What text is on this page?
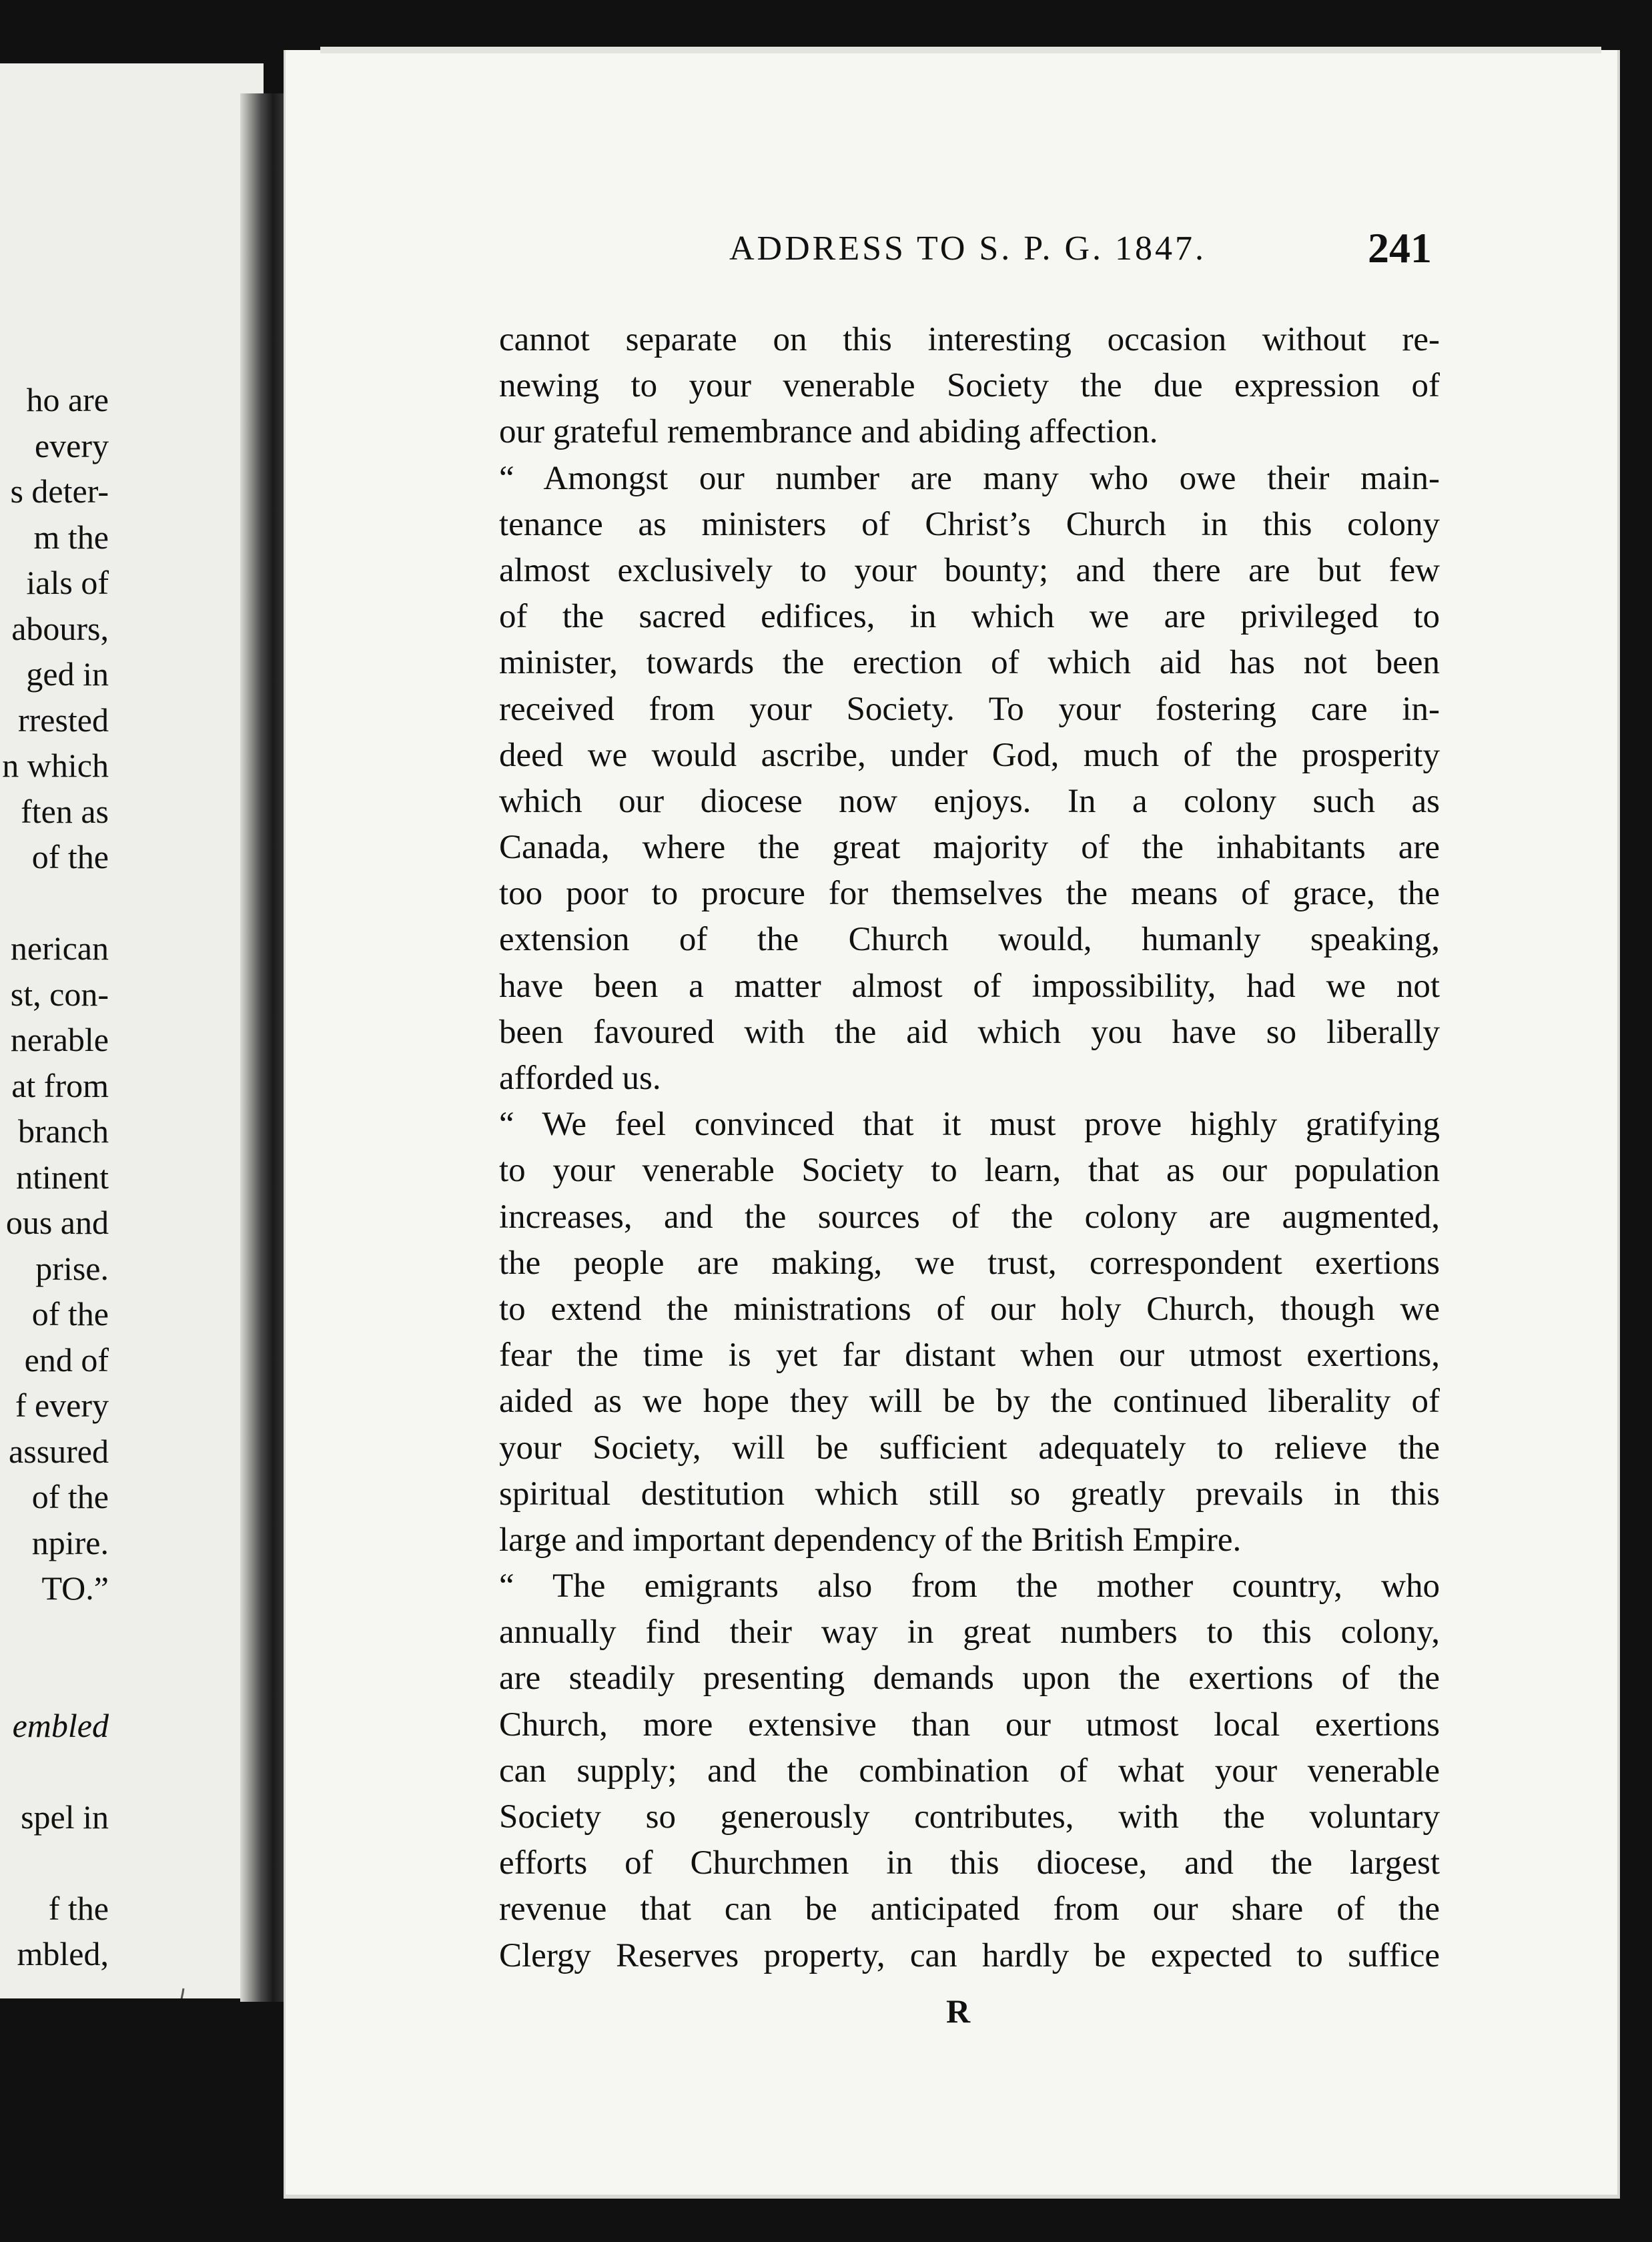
ho are
every
s deter-
m the
ials of
abours,
ged in
rrested
n which
ften as
of the
nerican
st, con-
nerable
at from
branch
ntinent
ous and
prise.
of the
end of
f every
assured
of the
npire.
TO.”
embled
spel in
f the
mbled,
ADDRESS TO S. P. G. 1847.	241
cannot separate on this interesting occasion without re-
newing to your venerable Society the due expression of
our grateful remembrance and abiding affection.
“ Amongst our number are many who owe their main-
tenance as ministers of Christ’s Church in this colony
almost exclusively to your bounty; and there are but few
of the sacred edifices, in which we are privileged to
minister, towards the erection of which aid has not been
received from your Society. To your fostering care in-
deed we would ascribe, under God, much of the prosperity
which our diocese now enjoys. In a colony such as
Canada, where the great majority of the inhabitants are
too poor to procure for themselves the means of grace, the
extension of the Church would, humanly speaking,
have been a matter almost of impossibility, had we not
been favoured with the aid which you have so liberally
afforded us.
“ We feel convinced that it must prove highly gratifying
to your venerable Society to learn, that as our population
increases, and the sources of the colony are augmented,
the people are making, we trust, correspondent exertions
to extend the ministrations of our holy Church, though we
fear the time is yet far distant when our utmost exertions,
aided as we hope they will be by the continued liberality of
your Society, will be sufficient adequately to relieve the
spiritual destitution which still so greatly prevails in this
large and important dependency of the British Empire.
“ The emigrants also from the mother country, who
annually find their way in great numbers to this colony,
are steadily presenting demands upon the exertions of the
Church, more extensive than our utmost local exertions
can supply; and the combination of what your venerable
Society so generously contributes, with the voluntary
efforts of Churchmen in this diocese, and the largest
revenue that can be anticipated from our share of the
Clergy Reserves property, can hardly be expected to suffice
R
